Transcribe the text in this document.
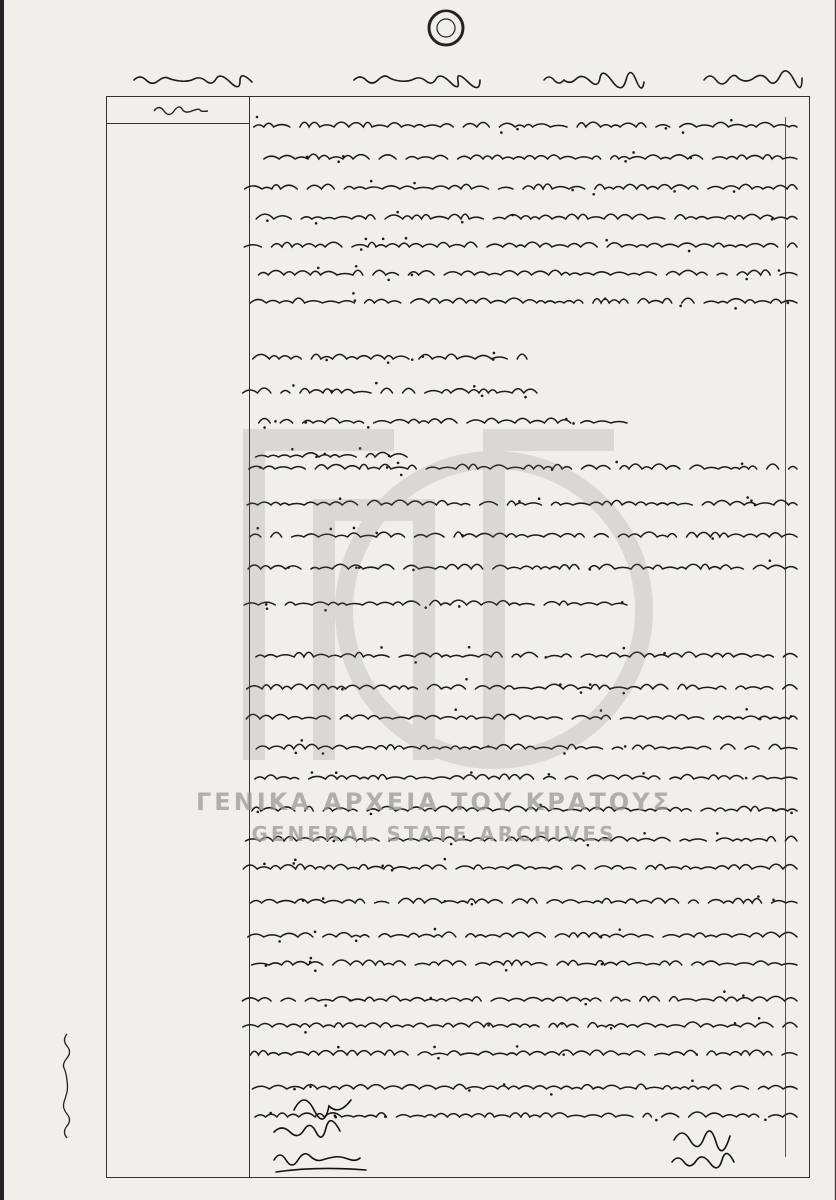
ΓΕΝΙΚΑ ΑΡΧΕΙΑ ΤΟΥ ΚΡΑΤΟΥΣ
GENERAL STATE ARCHIVES
